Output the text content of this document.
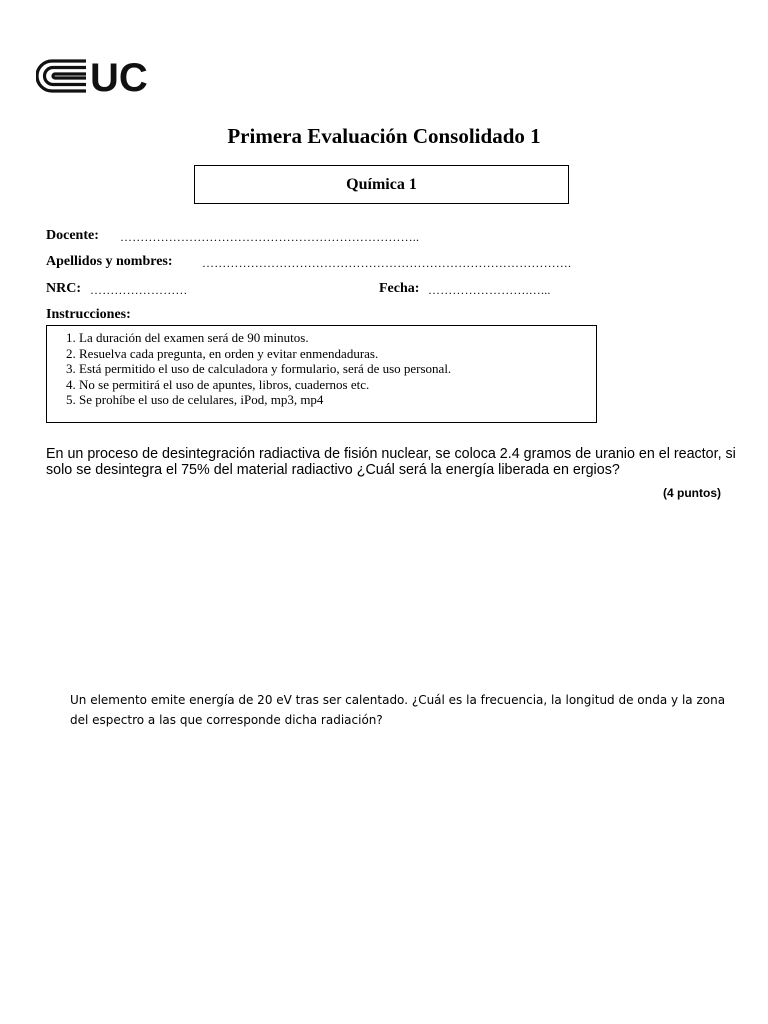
UC
Primera Evaluación Consolidado 1
Química 1
Docente: ………………………………………………………………..
Apellidos y nombres: ……………………………………………………………………………….
NRC: ……………………	Fecha: …………………….…...
Instrucciones:
1. La duración del examen será de 90 minutos.
2. Resuelva cada pregunta, en orden y evitar enmendaduras.
3. Está permitido el uso de calculadora y formulario, será de uso personal.
4. No se permitirá el uso de apuntes, libros, cuadernos etc.
5. Se prohíbe el uso de celulares, iPod, mp3, mp4
En un proceso de desintegración radiactiva de fisión nuclear, se coloca 2.4 gramos de uranio en el reactor, si solo se desintegra el 75% del material radiactivo ¿Cuál será la energía liberada en ergios?
(4 puntos)
Un elemento emite energía de 20 eV tras ser calentado. ¿Cuál es la frecuencia, la longitud de onda y la zona del espectro a las que corresponde dicha radiación?
